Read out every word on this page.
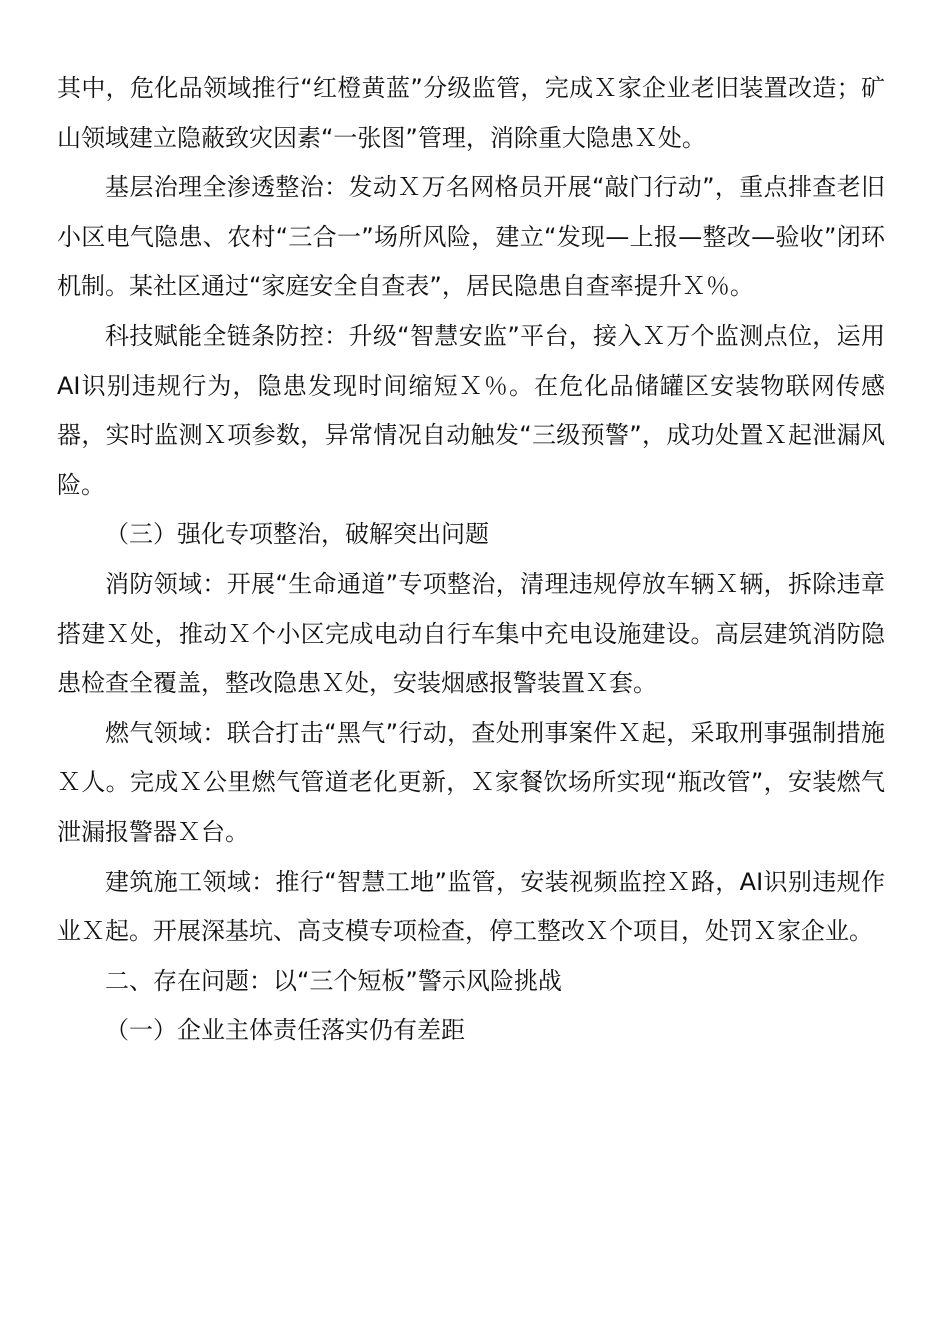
其中，危化品领域推行“红橙黄蓝”分级监管，完成Ｘ家企业老旧装置改造；矿山领域建立隐蔽致灾因素“一张图”管理，消除重大隐患Ｘ处。

基层治理全渗透整治：发动Ｘ万名网格员开展“敲门行动”，重点排查老旧小区电气隐患、农村“三合一”场所风险，建立“发现—上报—整改—验收”闭环机制。某社区通过“家庭安全自查表”，居民隐患自查率提升Ｘ％。

科技赋能全链条防控：升级“智慧安监”平台，接入Ｘ万个监测点位，运用AI识别违规行为，隐患发现时间缩短Ｘ％。在危化品储罐区安装物联网传感器，实时监测Ｘ项参数，异常情况自动触发“三级预警”，成功处置Ｘ起泄漏风险。

（三）强化专项整治，破解突出问题

消防领域：开展“生命通道”专项整治，清理违规停放车辆Ｘ辆，拆除违章搭建Ｘ处，推动Ｘ个小区完成电动自行车集中充电设施建设。高层建筑消防隐患检查全覆盖，整改隐患Ｘ处，安装烟感报警装置Ｘ套。

燃气领域：联合打击“黑气”行动，查处刑事案件Ｘ起，采取刑事强制措施Ｘ人。完成Ｘ公里燃气管道老化更新，Ｘ家餐饮场所实现“瓶改管”，安装燃气泄漏报警器Ｘ台。

建筑施工领域：推行“智慧工地”监管，安装视频监控Ｘ路，AI识别违规作业Ｘ起。开展深基坑、高支模专项检查，停工整改Ｘ个项目，处罚Ｘ家企业。

二、存在问题：以“三个短板”警示风险挑战

（一）企业主体责任落实仍有差距
